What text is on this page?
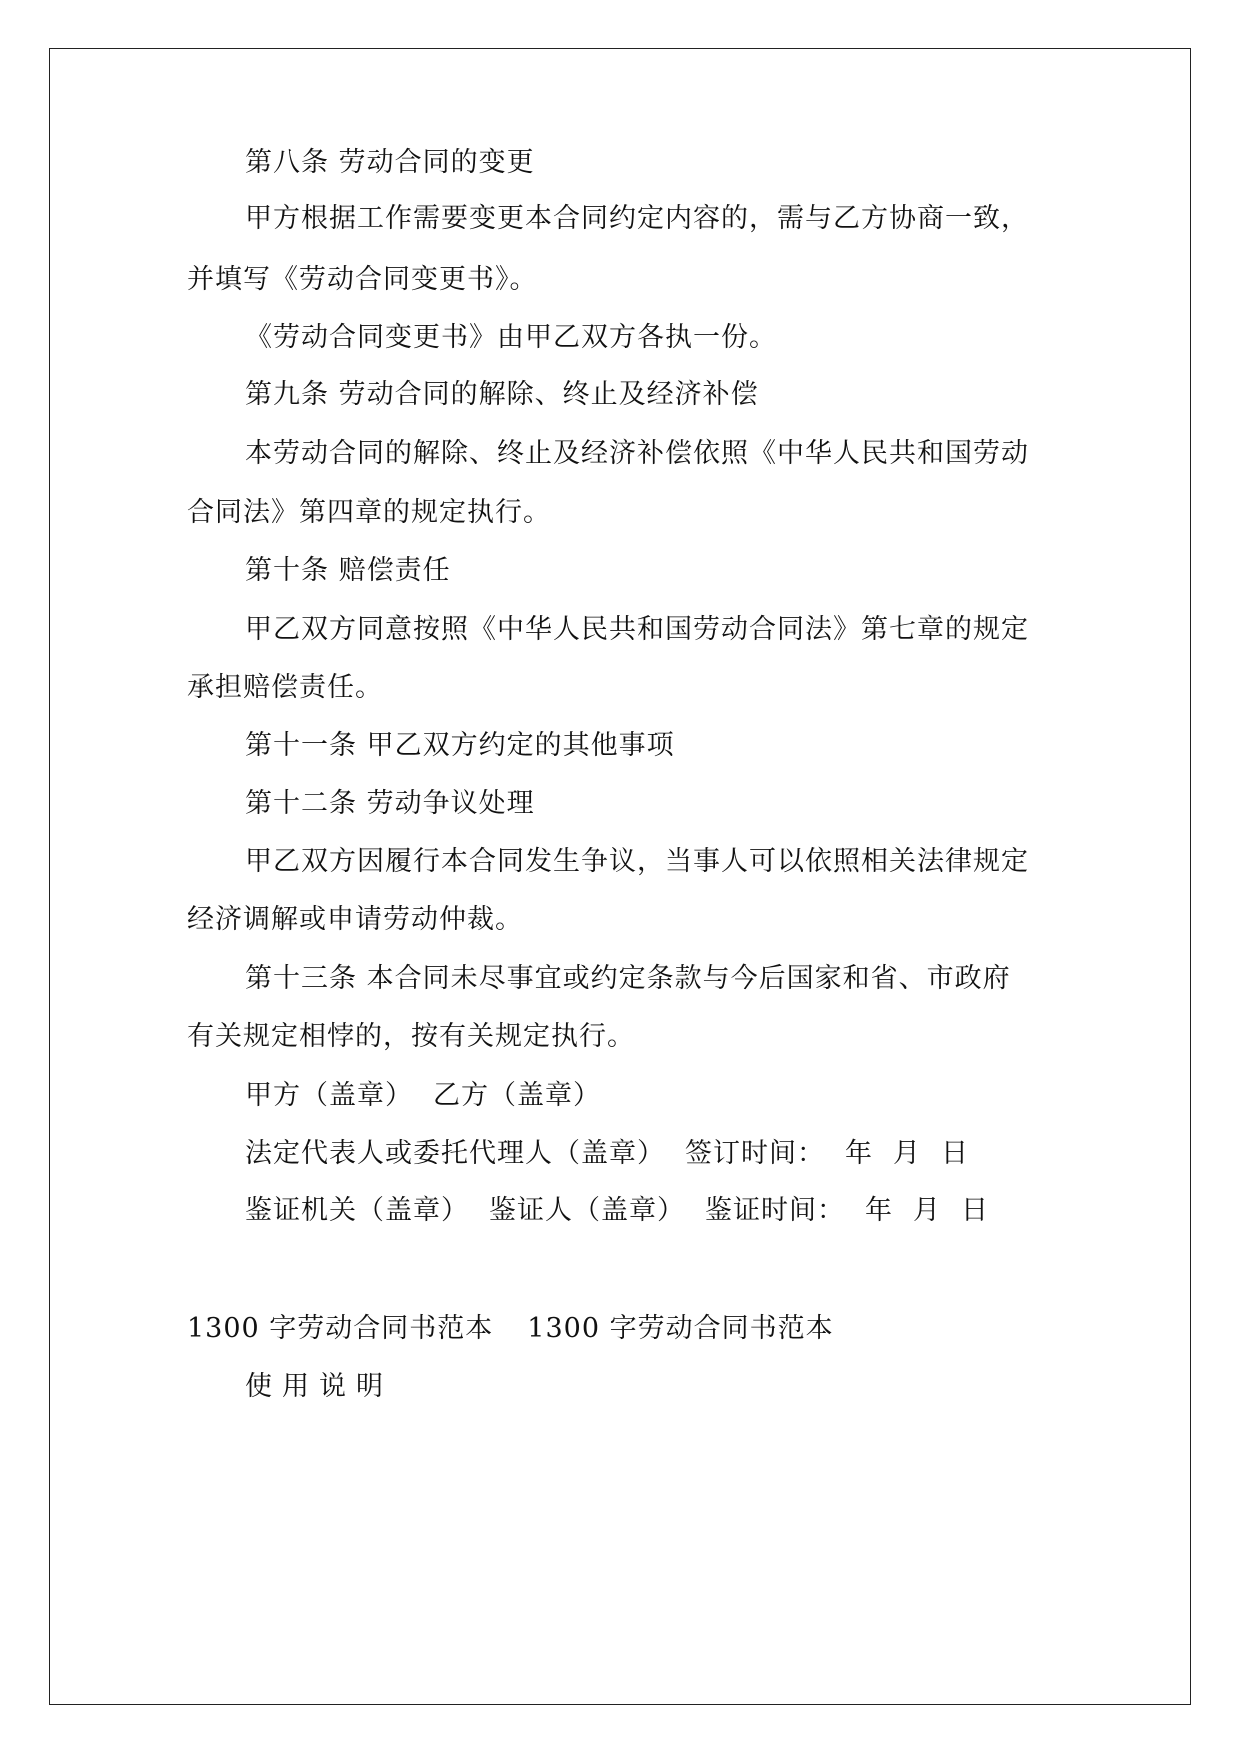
第八条 劳动合同的变更
甲方根据工作需要变更本合同约定内容的，需与乙方协商一致，
并填写《劳动合同变更书》。
《劳动合同变更书》由甲乙双方各执一份。
第九条 劳动合同的解除、终止及经济补偿
本劳动合同的解除、终止及经济补偿依照《中华人民共和国劳动
合同法》第四章的规定执行。
第十条 赔偿责任
甲乙双方同意按照《中华人民共和国劳动合同法》第七章的规定
承担赔偿责任。
第十一条 甲乙双方约定的其他事项
第十二条 劳动争议处理
甲乙双方因履行本合同发生争议，当事人可以依照相关法律规定
经济调解或申请劳动仲裁。
第十三条 本合同未尽事宜或约定条款与今后国家和省、市政府
有关规定相悖的，按有关规定执行。
甲方（盖章） 乙方（盖章）
法定代表人或委托代理人（盖章） 签订时间： 年 月 日
鉴证机关（盖章） 鉴证人（盖章） 鉴证时间： 年 月 日
1300 字劳动合同书范本 1300 字劳动合同书范本
使用说明
